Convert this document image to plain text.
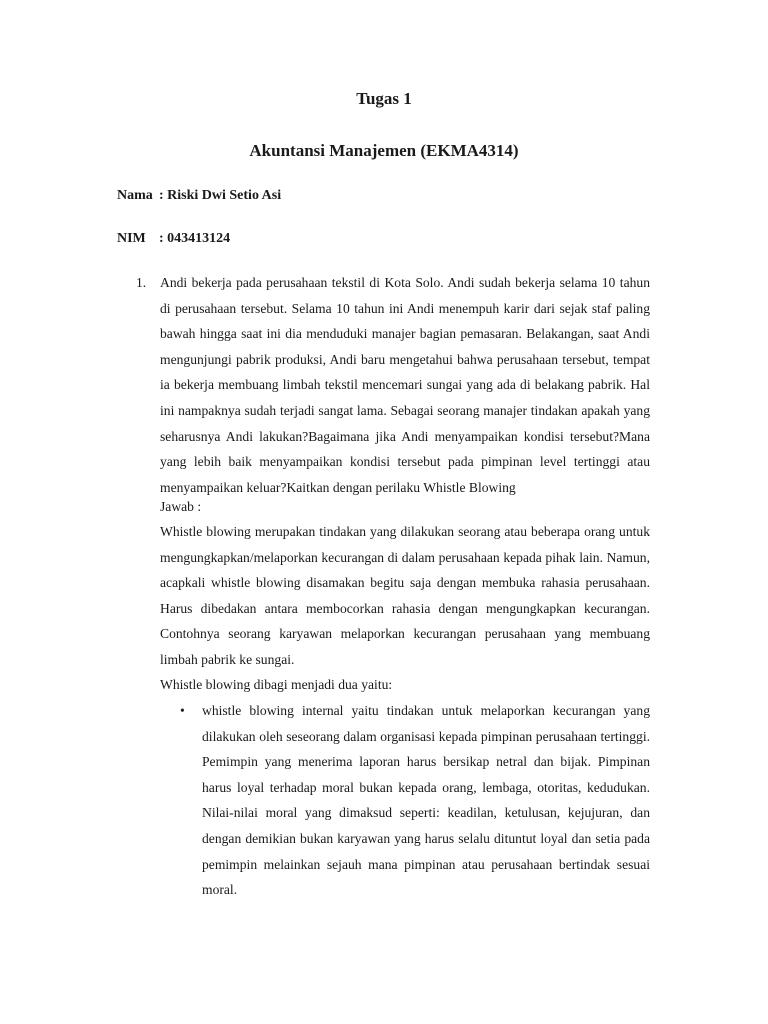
Tugas 1
Akuntansi Manajemen (EKMA4314)
Nama : Riski Dwi Setio Asi
NIM : 043413124
1. Andi bekerja pada perusahaan tekstil di Kota Solo. Andi sudah bekerja selama 10 tahun di perusahaan tersebut. Selama 10 tahun ini Andi menempuh karir dari sejak staf paling bawah hingga saat ini dia menduduki manajer bagian pemasaran. Belakangan, saat Andi mengunjungi pabrik produksi, Andi baru mengetahui bahwa perusahaan tersebut, tempat ia bekerja membuang limbah tekstil mencemari sungai yang ada di belakang pabrik. Hal ini nampaknya sudah terjadi sangat lama. Sebagai seorang manajer tindakan apakah yang seharusnya Andi lakukan?Bagaimana jika Andi menyampaikan kondisi tersebut?Mana yang lebih baik menyampaikan kondisi tersebut pada pimpinan level tertinggi atau menyampaikan keluar?Kaitkan dengan perilaku Whistle Blowing

Jawab :

Whistle blowing merupakan tindakan yang dilakukan seorang atau beberapa orang untuk mengungkapkan/melaporkan kecurangan di dalam perusahaan kepada pihak lain. Namun, acapkali whistle blowing disamakan begitu saja dengan membuka rahasia perusahaan. Harus dibedakan antara membocorkan rahasia dengan mengungkapkan kecurangan. Contohnya seorang karyawan melaporkan kecurangan perusahaan yang membuang limbah pabrik ke sungai.

Whistle blowing dibagi menjadi dua yaitu:
• whistle blowing internal yaitu tindakan untuk melaporkan kecurangan yang dilakukan oleh seseorang dalam organisasi kepada pimpinan perusahaan tertinggi. Pemimpin yang menerima laporan harus bersikap netral dan bijak. Pimpinan harus loyal terhadap moral bukan kepada orang, lembaga, otoritas, kedudukan. Nilai-nilai moral yang dimaksud seperti: keadilan, ketulusan, kejujuran, dan dengan demikian bukan karyawan yang harus selalu dituntut loyal dan setia pada pemimpin melainkan sejauh mana pimpinan atau perusahaan bertindak sesuai moral.
